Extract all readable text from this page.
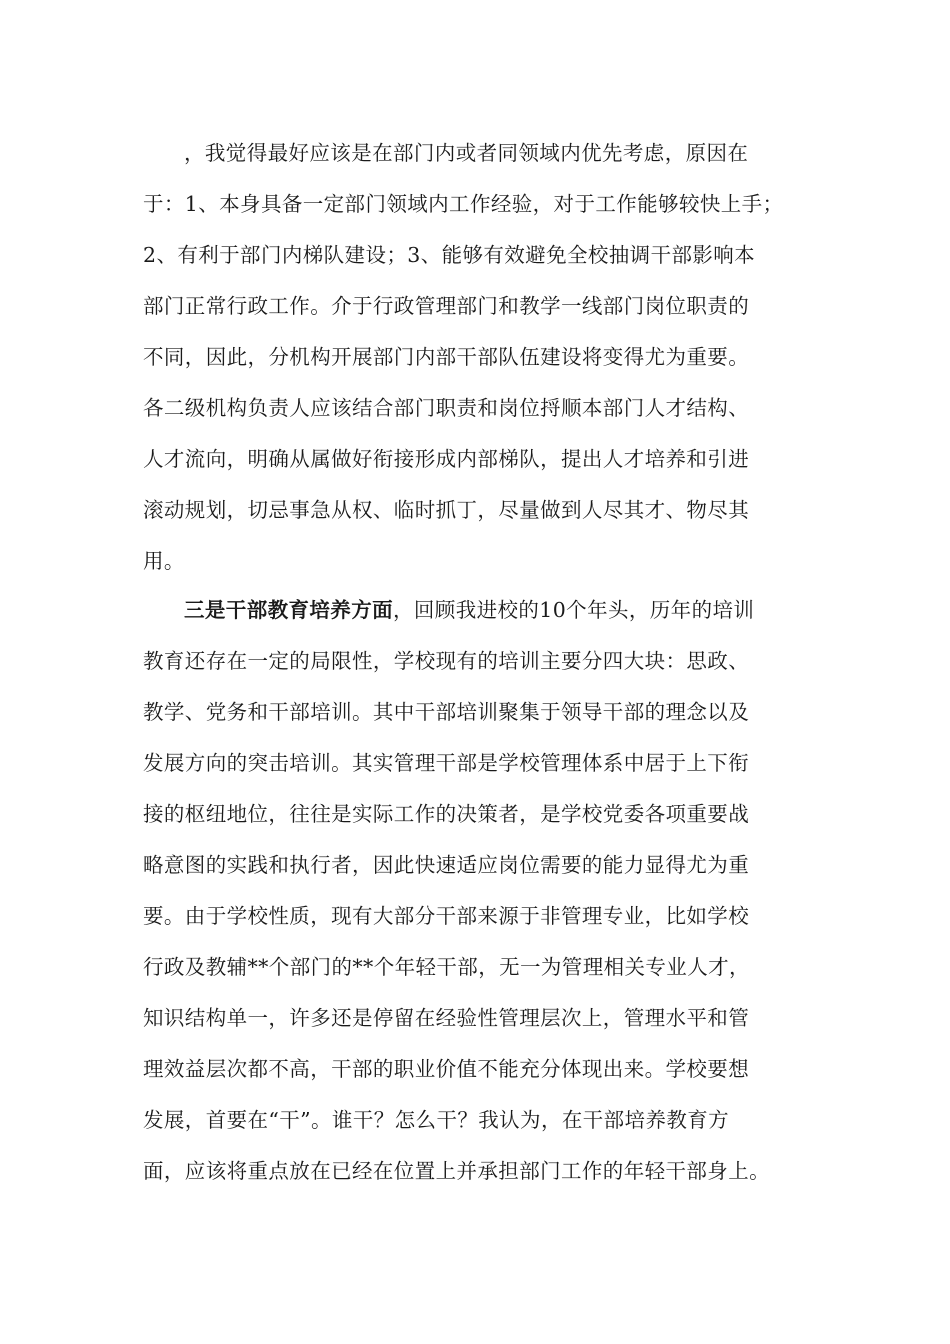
，我觉得最好应该是在部门内或者同领域内优先考虑，原因在
于：1、本身具备一定部门领域内工作经验，对于工作能够较快上手；
2、有利于部门内梯队建设；3、能够有效避免全校抽调干部影响本
部门正常行政工作。介于行政管理部门和教学一线部门岗位职责的
不同，因此，分机构开展部门内部干部队伍建设将变得尤为重要。
各二级机构负责人应该结合部门职责和岗位捋顺本部门人才结构、
人才流向，明确从属做好衔接形成内部梯队，提出人才培养和引进
滚动规划，切忌事急从权、临时抓丁，尽量做到人尽其才、物尽其
用。
三是干部教育培养方面，回顾我进校的10个年头，历年的培训
教育还存在一定的局限性，学校现有的培训主要分四大块：思政、
教学、党务和干部培训。其中干部培训聚集于领导干部的理念以及
发展方向的突击培训。其实管理干部是学校管理体系中居于上下衔
接的枢纽地位，往往是实际工作的决策者，是学校党委各项重要战
略意图的实践和执行者，因此快速适应岗位需要的能力显得尤为重
要。由于学校性质，现有大部分干部来源于非管理专业，比如学校
行政及教辅**个部门的**个年轻干部，无一为管理相关专业人才，
知识结构单一，许多还是停留在经验性管理层次上，管理水平和管
理效益层次都不高，干部的职业价值不能充分体现出来。学校要想
发展，首要在“干”。谁干？怎么干？我认为，在干部培养教育方
面，应该将重点放在已经在位置上并承担部门工作的年轻干部身上。
